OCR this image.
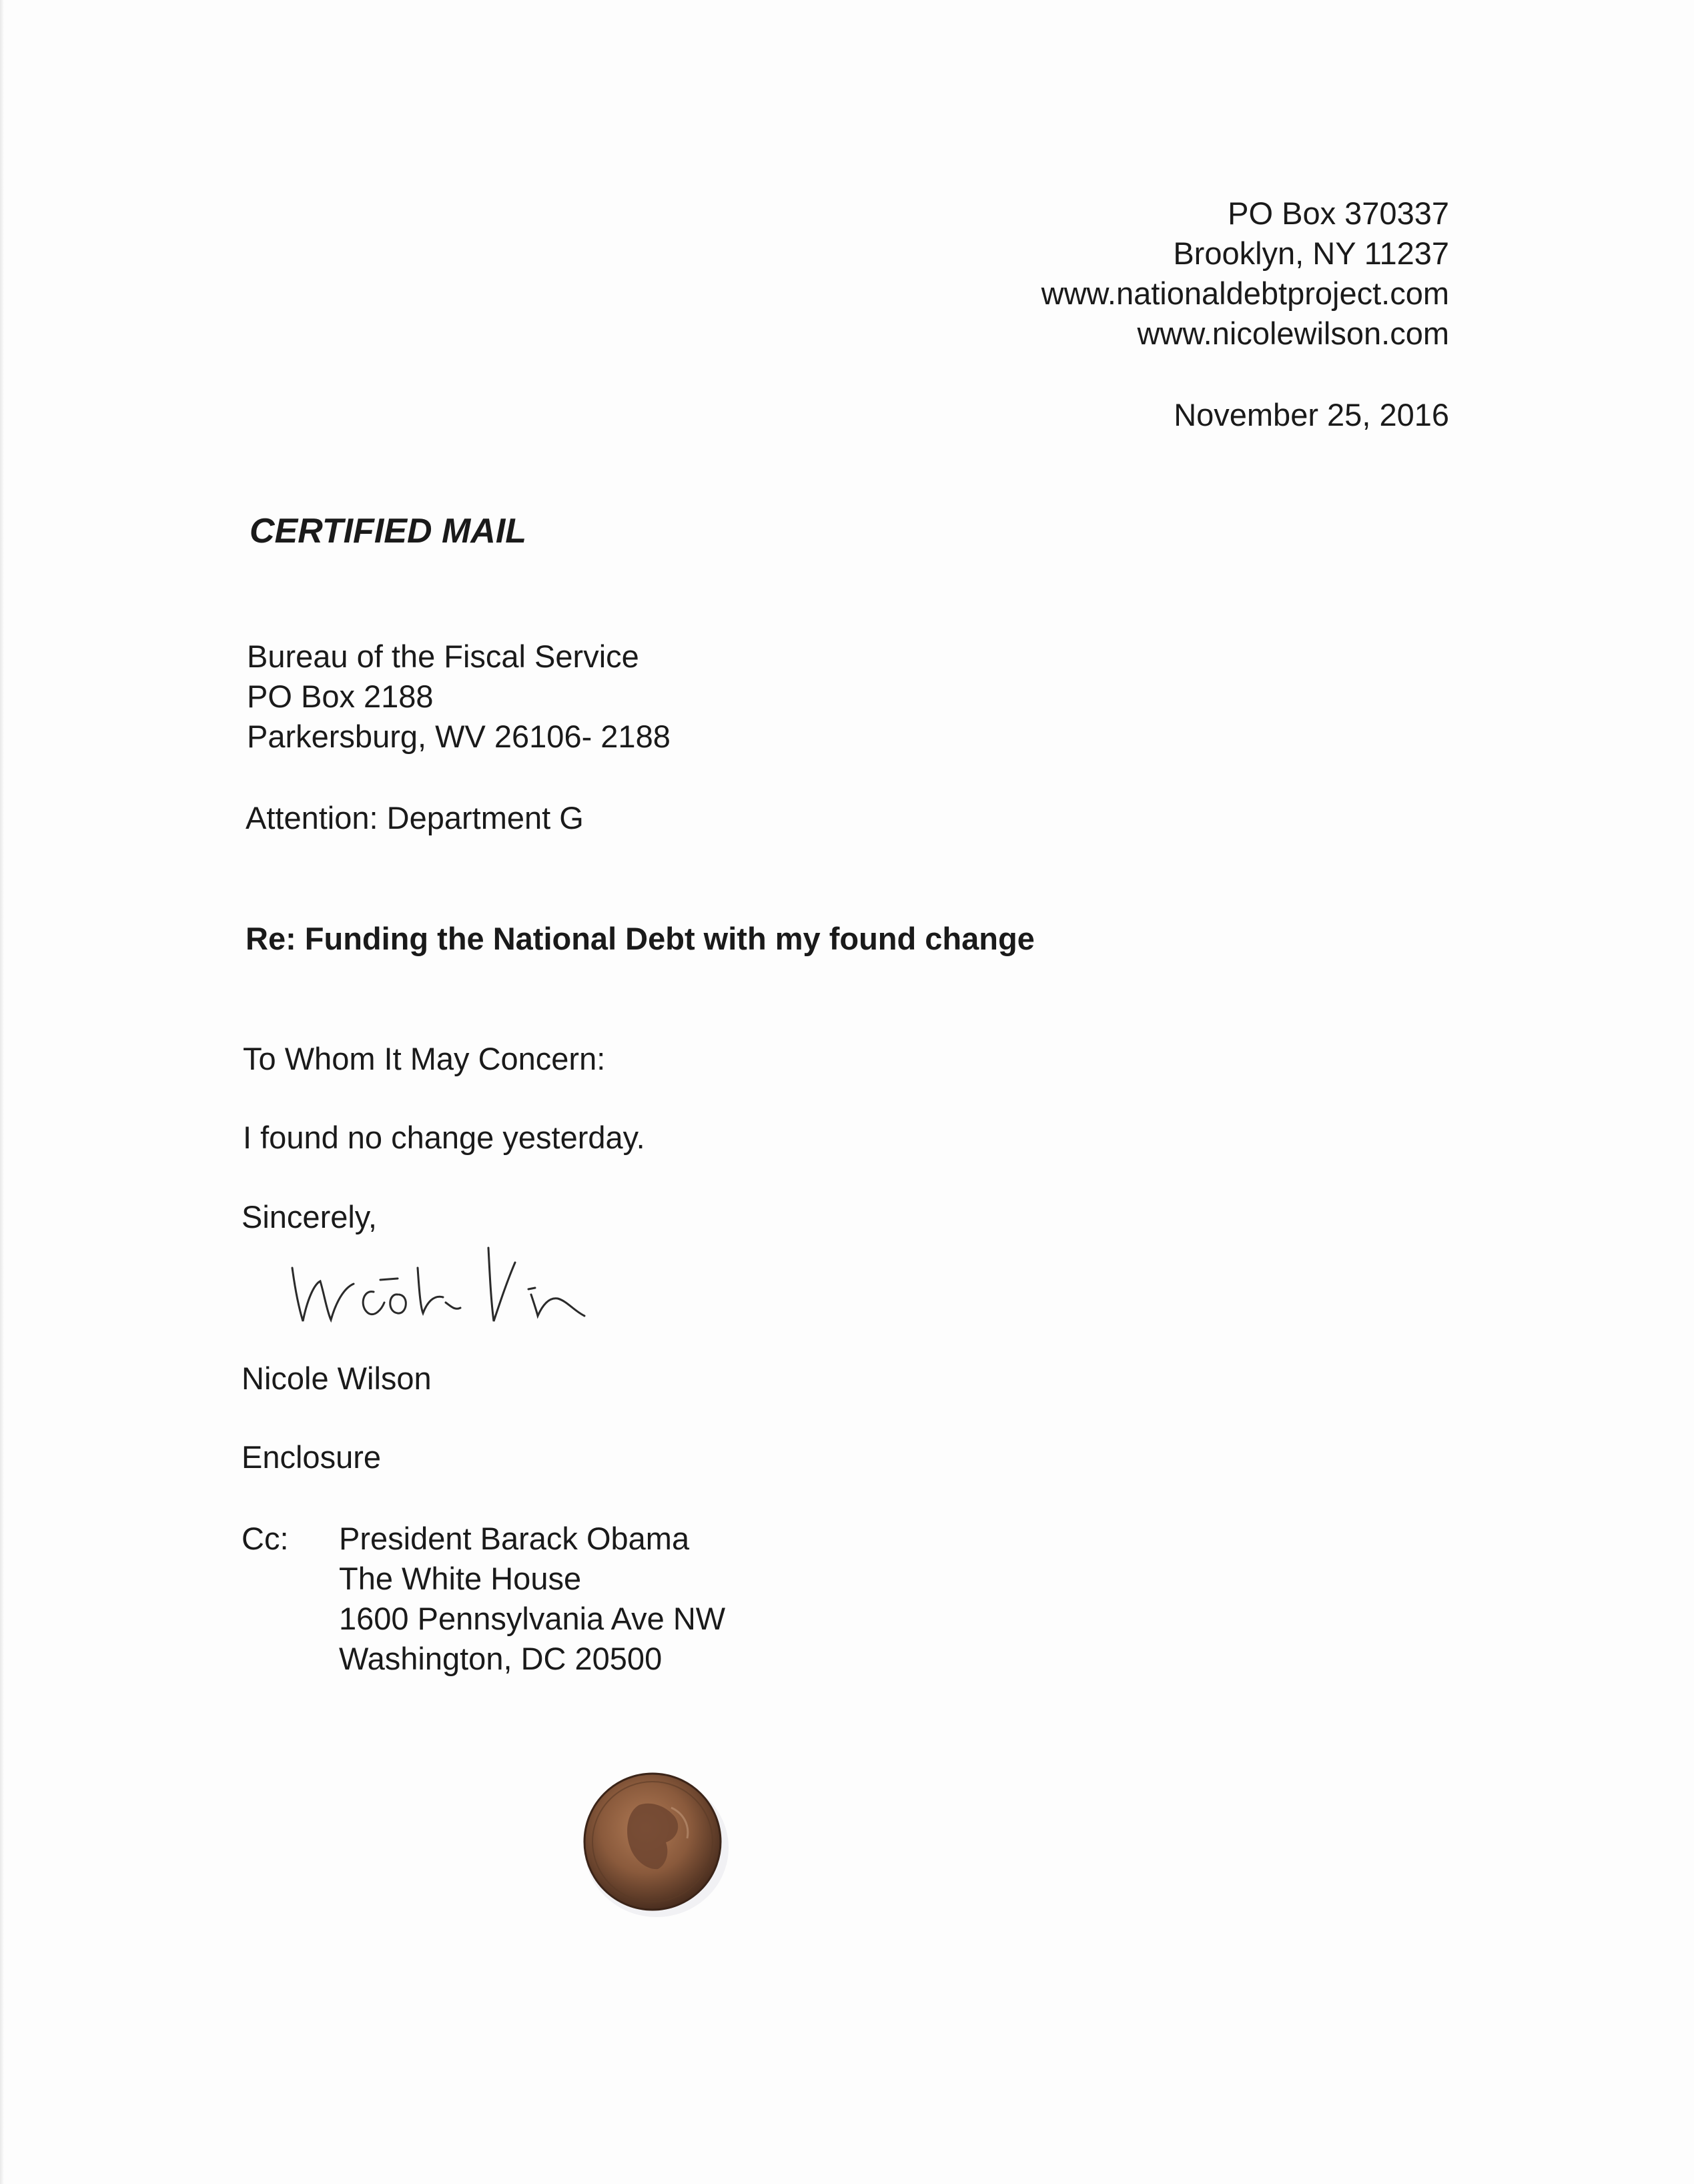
PO Box 370337
Brooklyn, NY 11237
www.nationaldebtproject.com
www.nicolewilson.com
November 25, 2016
CERTIFIED MAIL
Bureau of the Fiscal Service
PO Box 2188
Parkersburg, WV 26106- 2188
Attention: Department G
Re: Funding the National Debt with my found change
To Whom It May Concern:
I found no change yesterday.
Sincerely,
Nicole Wilson
Enclosure
Cc: President Barack Obama
The White House
1600 Pennsylvania Ave NW
Washington, DC 20500
